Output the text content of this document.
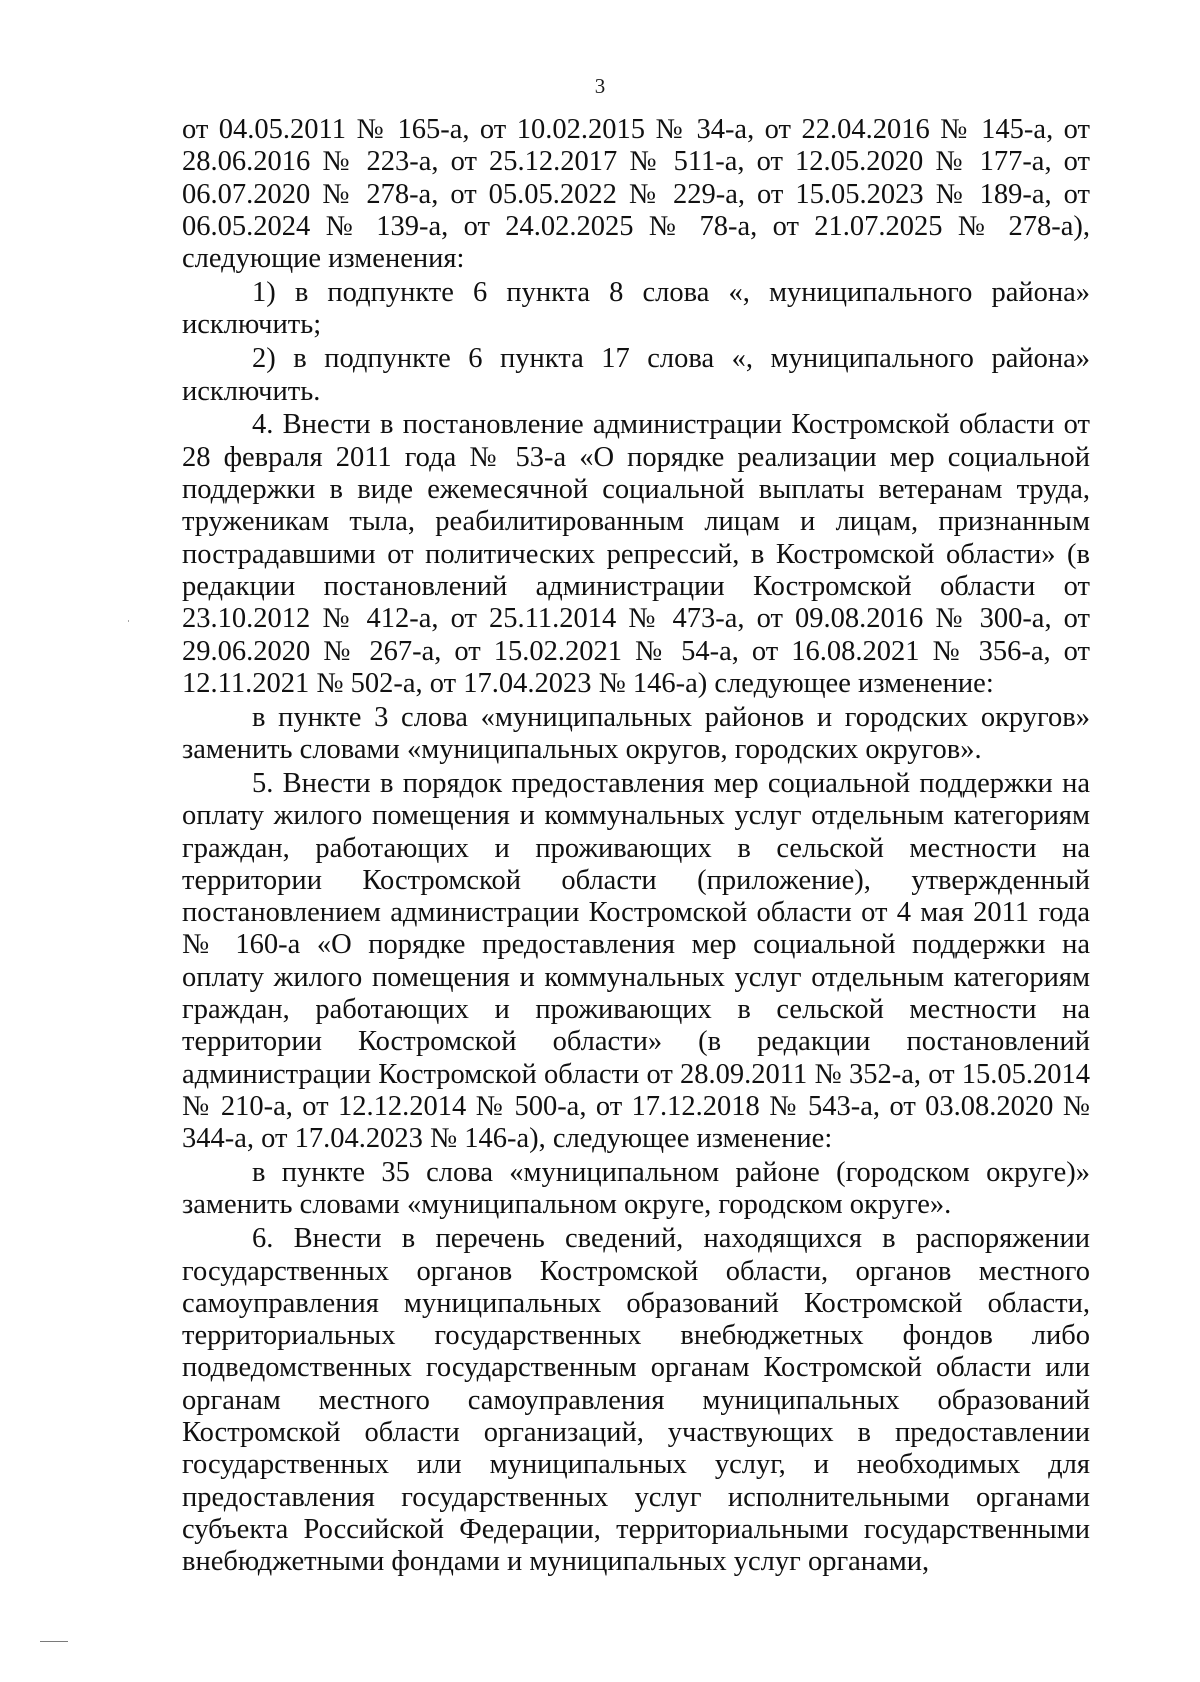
3

от 04.05.2011 № 165-а, от 10.02.2015 № 34-а, от 22.04.2016 № 145-а, от 28.06.2016 № 223-а, от 25.12.2017 № 511-а, от 12.05.2020 № 177-а, от 06.07.2020 № 278-а, от 05.05.2022 № 229-а, от 15.05.2023 № 189-а, от 06.05.2024 № 139-а, от 24.02.2025 № 78-а, от 21.07.2025 № 278-а), следующие изменения:

1) в подпункте 6 пункта 8 слова «, муниципального района» исключить;

2) в подпункте 6 пункта 17 слова «, муниципального района» исключить.

4. Внести в постановление администрации Костромской области от 28 февраля 2011 года № 53-а «О порядке реализации мер социальной поддержки в виде ежемесячной социальной выплаты ветеранам труда, труженикам тыла, реабилитированным лицам и лицам, признанным пострадавшими от политических репрессий, в Костромской области» (в редакции постановлений администрации Костромской области от 23.10.2012 № 412-а, от 25.11.2014 № 473-а, от 09.08.2016 № 300-а, от 29.06.2020 № 267-а, от 15.02.2021 № 54-а, от 16.08.2021 № 356-а, от 12.11.2021 № 502-а, от 17.04.2023 № 146-а) следующее изменение:

в пункте 3 слова «муниципальных районов и городских округов» заменить словами «муниципальных округов, городских округов».

5. Внести в порядок предоставления мер социальной поддержки на оплату жилого помещения и коммунальных услуг отдельным категориям граждан, работающих и проживающих в сельской местности на территории Костромской области (приложение), утвержденный постановлением администрации Костромской области от 4 мая 2011 года № 160-а «О порядке предоставления мер социальной поддержки на оплату жилого помещения и коммунальных услуг отдельным категориям граждан, работающих и проживающих в сельской местности на территории Костромской области» (в редакции постановлений администрации Костромской области от 28.09.2011 № 352-а, от 15.05.2014 № 210-а, от 12.12.2014 № 500-а, от 17.12.2018 № 543-а, от 03.08.2020 № 344-а, от 17.04.2023 № 146-а), следующее изменение:

в пункте 35 слова «муниципальном районе (городском округе)» заменить словами «муниципальном округе, городском округе».

6. Внести в перечень сведений, находящихся в распоряжении государственных органов Костромской области, органов местного самоуправления муниципальных образований Костромской области, территориальных государственных внебюджетных фондов либо подведомственных государственным органам Костромской области или органам местного самоуправления муниципальных образований Костромской области организаций, участвующих в предоставлении государственных или муниципальных услуг, и необходимых для предоставления государственных услуг исполнительными органами субъекта Российской Федерации, территориальными государственными внебюджетными фондами и муниципальных услуг органами,
